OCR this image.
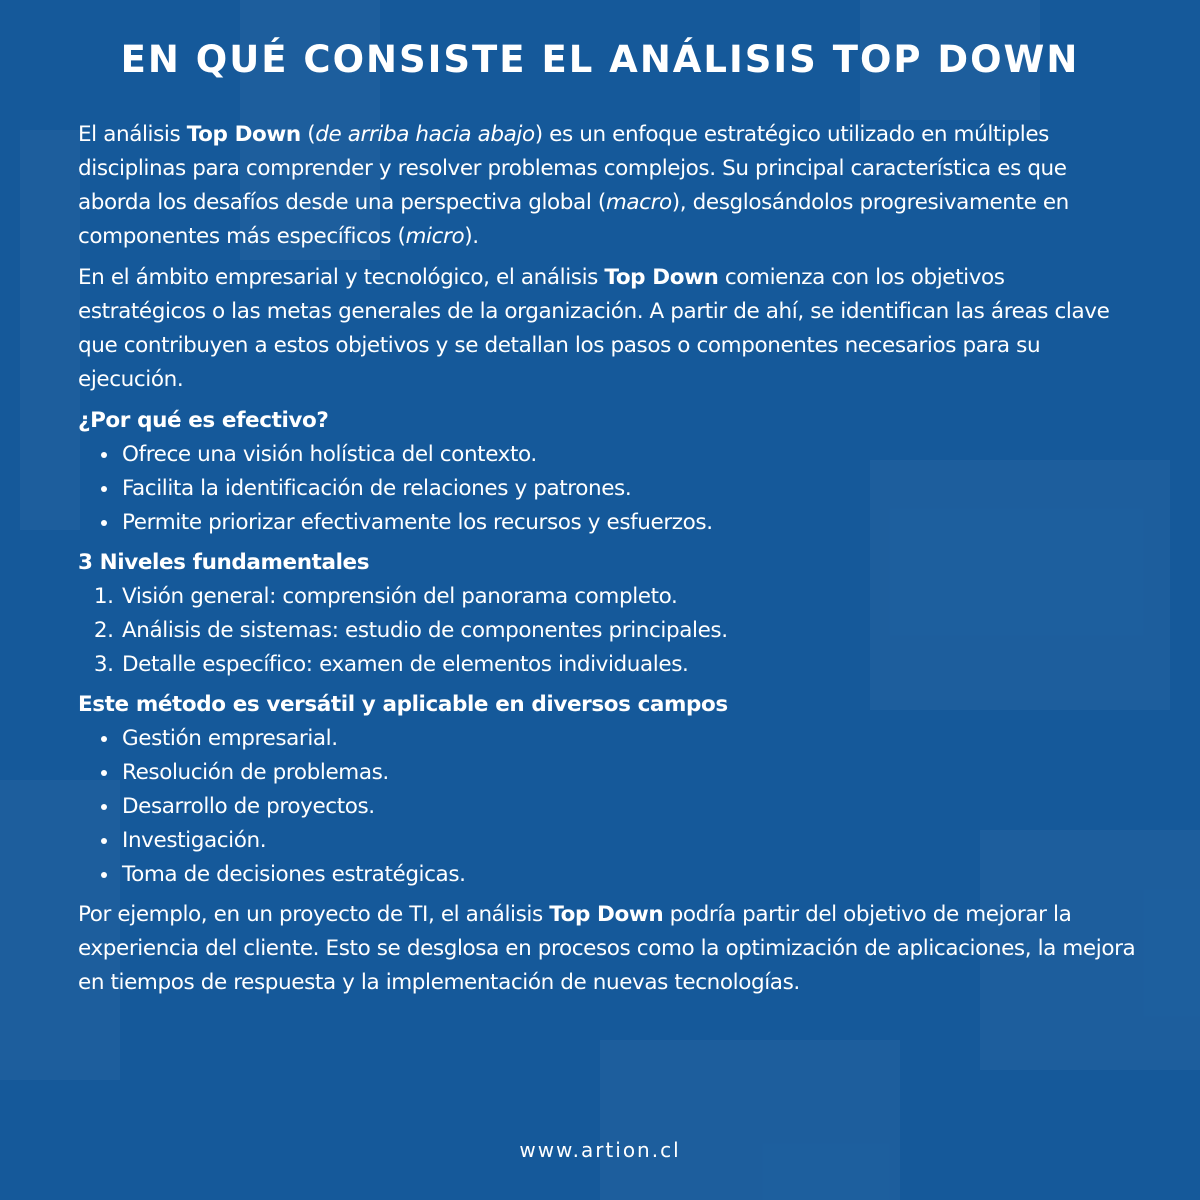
EN QUÉ CONSISTE EL ANÁLISIS TOP DOWN

El análisis Top Down (de arriba hacia abajo) es un enfoque estratégico utilizado en múltiples disciplinas para comprender y resolver problemas complejos. Su principal característica es que aborda los desafíos desde una perspectiva global (macro), desglosándolos progresivamente en componentes más específicos (micro).

En el ámbito empresarial y tecnológico, el análisis Top Down comienza con los objetivos estratégicos o las metas generales de la organización. A partir de ahí, se identifican las áreas clave que contribuyen a estos objetivos y se detallan los pasos o componentes necesarios para su ejecución.

¿Por qué es efectivo?
• Ofrece una visión holística del contexto.
• Facilita la identificación de relaciones y patrones.
• Permite priorizar efectivamente los recursos y esfuerzos.
3 Niveles fundamentales
1. Visión general: comprensión del panorama completo.
2. Análisis de sistemas: estudio de componentes principales.
3. Detalle específico: examen de elementos individuales.
Este método es versátil y aplicable en diversos campos
• Gestión empresarial.
• Resolución de problemas.
• Desarrollo de proyectos.
• Investigación.
• Toma de decisiones estratégicas.

Por ejemplo, en un proyecto de TI, el análisis Top Down podría partir del objetivo de mejorar la experiencia del cliente. Esto se desglosa en procesos como la optimización de aplicaciones, la mejora en tiempos de respuesta y la implementación de nuevas tecnologías.

www.artion.cl
